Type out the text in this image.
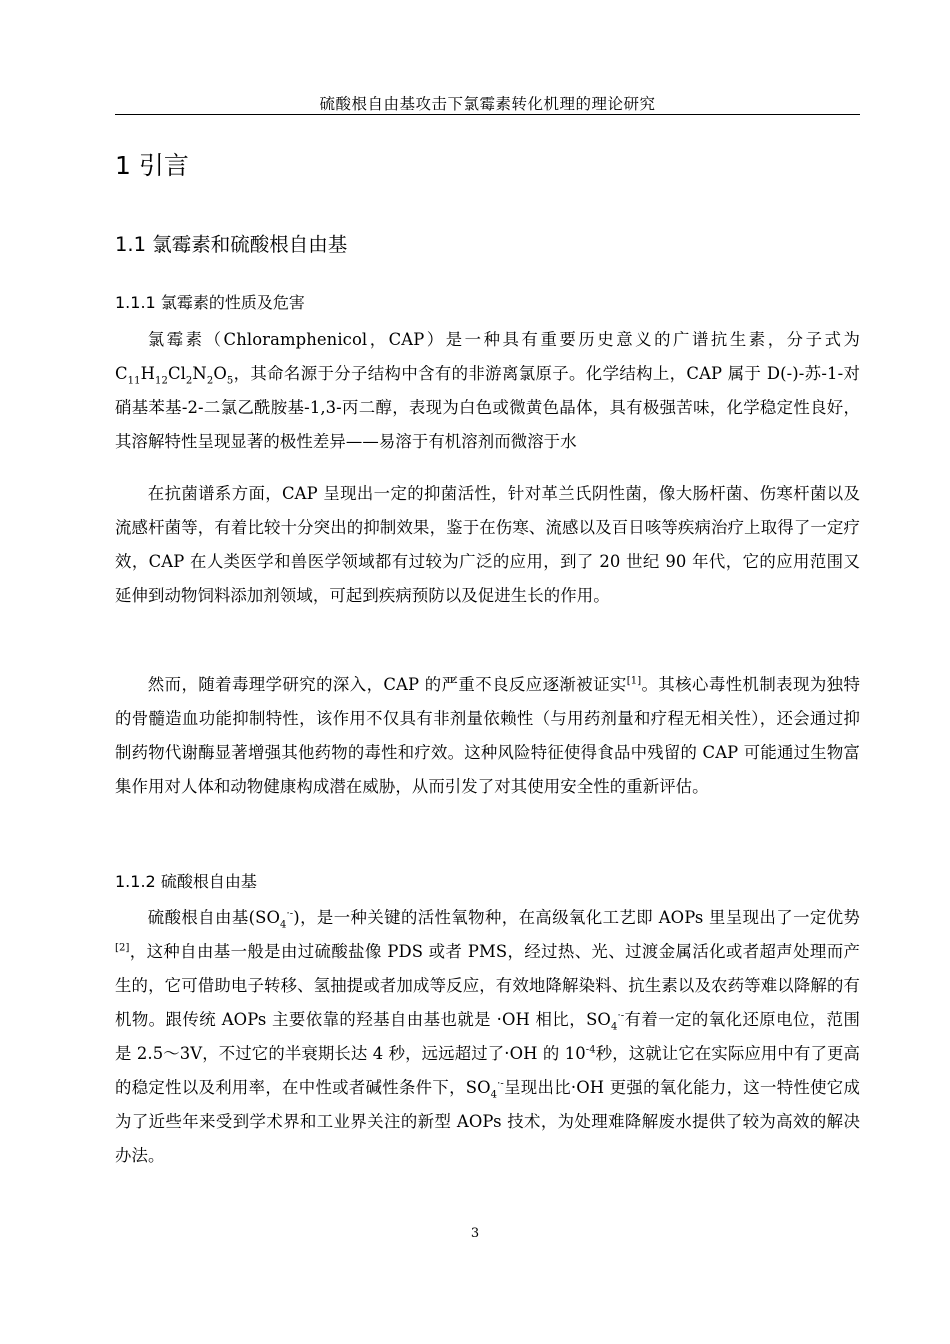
硫酸根自由基攻击下氯霉素转化机理的理论研究
1 引言
1.1 氯霉素和硫酸根自由基
1.1.1 氯霉素的性质及危害

氯霉素（Chloramphenicol，CAP）是一种具有重要历史意义的广谱抗生素，分子式为$C_{11}H_{12}Cl_2N_2O_5$，其命名源于分子结构中含有的非游离氯原子。化学结构上，CAP 属于 D(-)-苏-1-对硝基苯基-2-二氯乙酰胺基-1,3-丙二醇，表现为白色或微黄色晶体，具有极强苦味，化学稳定性良好，其溶解特性呈现显著的极性差异——易溶于有机溶剂而微溶于水

在抗菌谱系方面，CAP 呈现出一定的抑菌活性，针对革兰氏阴性菌，像大肠杆菌、伤寒杆菌以及流感杆菌等，有着比较十分突出的抑制效果，鉴于在伤寒、流感以及百日咳等疾病治疗上取得了一定疗效，CAP 在人类医学和兽医学领域都有过较为广泛的应用，到了 20 世纪 90 年代，它的应用范围又延伸到动物饲料添加剂领域，可起到疾病预防以及促进生长的作用。

然而，随着毒理学研究的深入，CAP 的严重不良反应逐渐被证实[1]。其核心毒性机制表现为独特的骨髓造血功能抑制特性，该作用不仅具有非剂量依赖性（与用药剂量和疗程无相关性），还会通过抑制药物代谢酶显著增强其他药物的毒性和疗效。这种风险特征使得食品中残留的 CAP 可能通过生物富集作用对人体和动物健康构成潜在威胁，从而引发了对其使用安全性的重新评估。

1.1.2 硫酸根自由基

硫酸根自由基$(SO_4^{\cdot-})$，是一种关键的活性氧物种，在高级氧化工艺即 AOPs 里呈现出了一定优势[2]，这种自由基一般是由过硫酸盐像 PDS 或者 PMS，经过热、光、过渡金属活化或者超声处理而产生的，它可借助电子转移、氢抽提或者加成等反应，有效地降解染料、抗生素以及农药等难以降解的有机物。跟传统 AOPs 主要依靠的羟基自由基也就是 ·OH 相比，$SO_4^{\cdot-}$有着一定的氧化还原电位，范围是 2.5～3V，不过它的半衰期长达 4 秒，远远超过了·OH 的 $10^{-4}$秒，这就让它在实际应用中有了更高的稳定性以及利用率，在中性或者碱性条件下，$SO_4^{\cdot-}$呈现出比·OH 更强的氧化能力，这一特性使它成为了近些年来受到学术界和工业界关注的新型 AOPs 技术，为处理难降解废水提供了较为高效的解决办法。

3
